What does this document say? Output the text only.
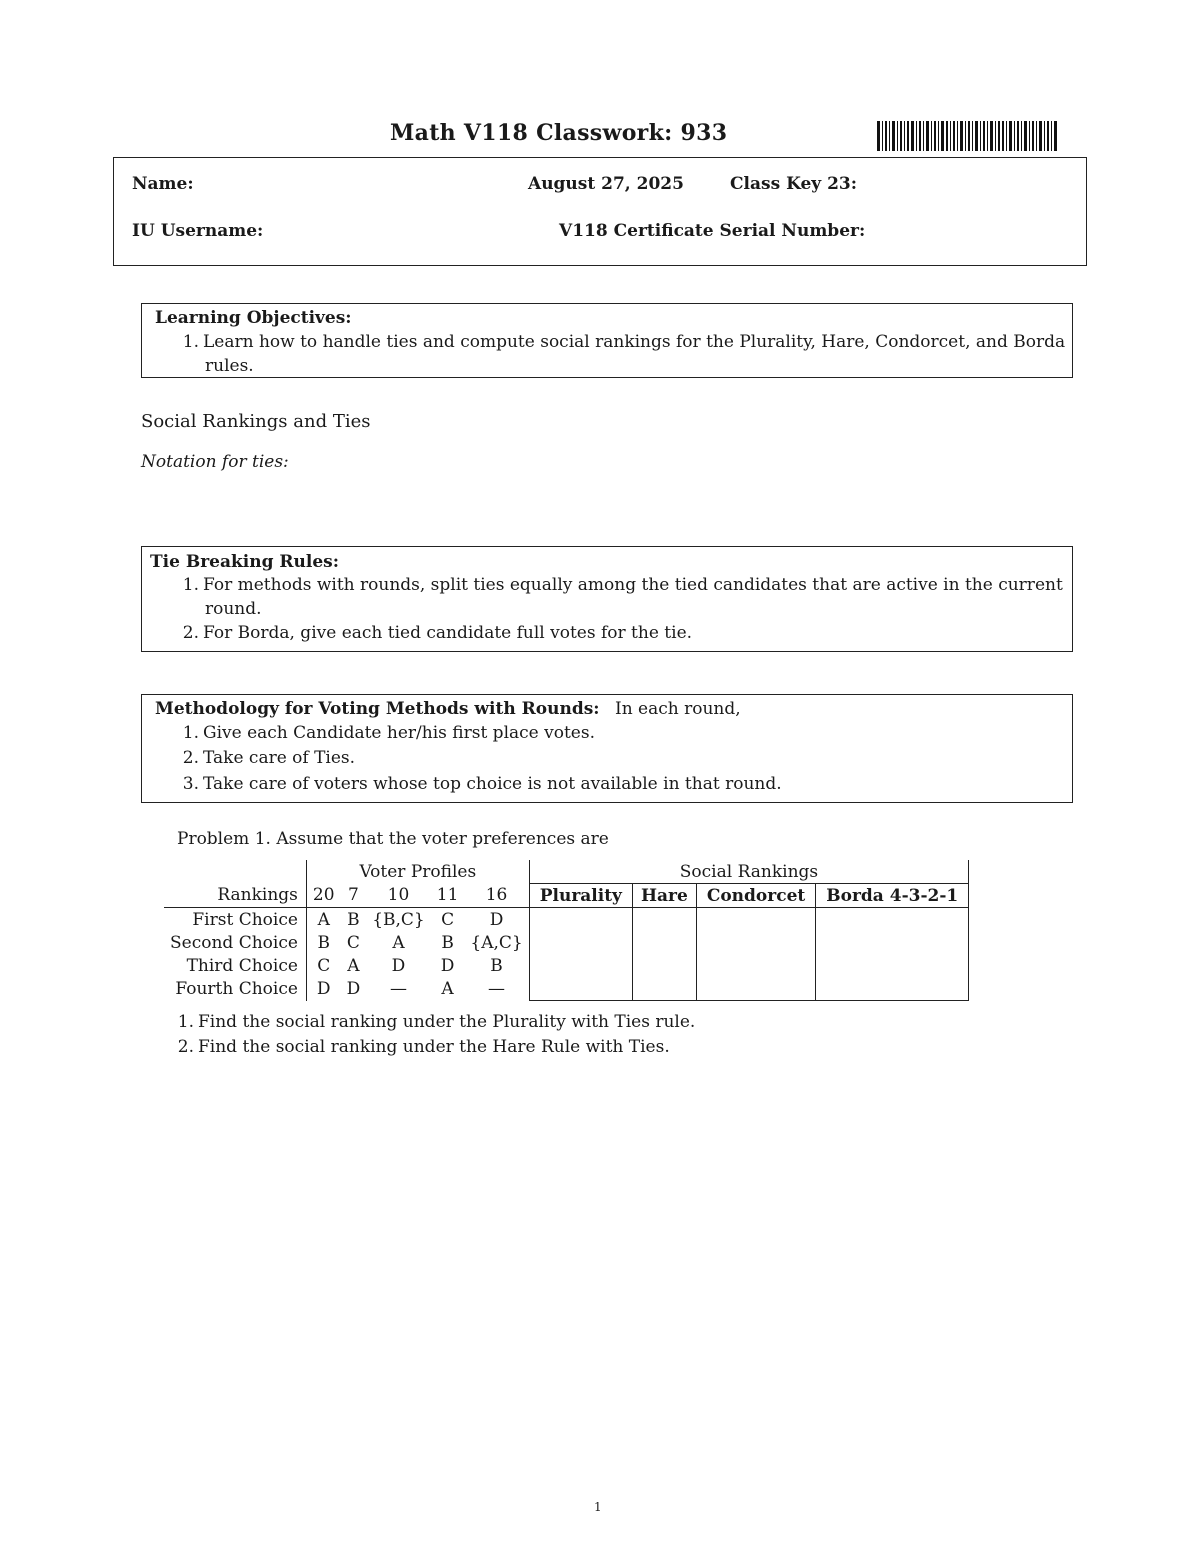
Math V118 Classwork: 933
Name:	August 27, 2025	Class Key 23:
IU Username:	V118 Certificate Serial Number:
Learning Objectives:
1. Learn how to handle ties and compute social rankings for the Plurality, Hare, Condorcet, and Borda
rules.
Social Rankings and Ties
Notation for ties:
Tie Breaking Rules:
1. For methods with rounds, split ties equally among the tied candidates that are active in the current
round.
2. For Borda, give each tied candidate full votes for the tie.
Methodology for Voting Methods with Rounds: In each round,
1. Give each Candidate her/his first place votes.
2. Take care of Ties.
3. Take care of voters whose top choice is not available in that round.
Problem 1. Assume that the voter preferences are
	Voter Profiles					Social Rankings			
Rankings	20	7	10	11	16	Plurality	Hare	Condorcet	Borda 4-3-2-1
First Choice	A	B	{B,C}	C	D				
Second Choice	B	C	A	B	{A,C}				
Third Choice	C	A	D	D	B				
Fourth Choice	D	D	—	A	—				
1. Find the social ranking under the Plurality with Ties rule.
2. Find the social ranking under the Hare Rule with Ties.
1
